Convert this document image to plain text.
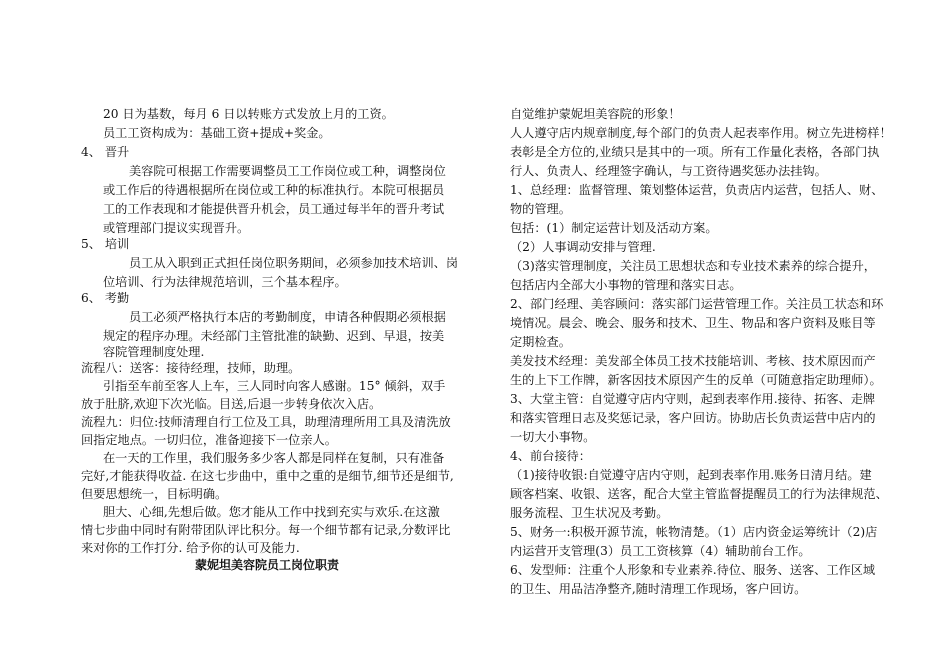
20 日为基数，每月 6 日以转账方式发放上月的工资。
员工工资构成为：基础工资+提成+奖金。
4、 晋升
美容院可根据工作需要调整员工工作岗位或工种，调整岗位
或工作后的待遇根据所在岗位或工种的标准执行。本院可根据员
工的工作表现和才能提供晋升机会，员工通过每半年的晋升考试
或管理部门提议实现晋升。
5、 培训
员工从入职到正式担任岗位职务期间，必须参加技术培训、岗
位培训、行为法律规范培训，三个基本程序。
6、 考勤
员工必须严格执行本店的考勤制度，申请各种假期必须根据
规定的程序办理。未经部门主管批准的缺勤、迟到、早退，按美
容院管理制度处理.
流程八：送客：接待经理，技师，助理。
引指至车前至客人上车，三人同时向客人感谢。15° 倾斜，双手
放于肚脐,欢迎下次光临。目送,后退一步转身依次入店。
流程九：归位:技师清理自行工位及工具，助理清理所用工具及清洗放
回指定地点。一切归位，准备迎接下一位亲人。
在一天的工作里，我们服务多少客人都是同样在复制，只有准备
完好,才能获得收益. 在这七步曲中，重中之重的是细节,细节还是细节,
但要思想统一，目标明确。
胆大、心细,先想后做。您才能从工作中找到充实与欢乐.在这激
情七步曲中同时有附带团队评比积分。每一个细节都有记录,分数评比
来对你的工作打分. 给予你的认可及能力.
蒙妮坦美容院员工岗位职责
自觉维护蒙妮坦美容院的形象！
人人遵守店内规章制度,每个部门的负责人起表率作用。树立先进榜样！
表彰是全方位的,业绩只是其中的一项。所有工作量化表格，各部门执
行人、负责人、经理签字确认，与工资待遇奖惩办法挂钩。
1、总经理：监督管理、策划整体运营，负责店内运营，包括人、财、
物的管理。
包括：(1）制定运营计划及活动方案。
（2）人事调动安排与管理.
（3)落实管理制度，关注员工思想状态和专业技术素养的综合提升，
包括店内全部大小事物的管理和落实日志。
2、部门经理、美容顾问：落实部门运营管理工作。关注员工状态和环
境情况。晨会、晚会、服务和技术、卫生、物品和客户资料及账目等
定期检查。
美发技术经理：美发部全体员工技术技能培训、考核、技术原因而产
生的上下工作牌，新客因技术原因产生的反单（可随意指定助理师）。
3、大堂主管：自觉遵守店内守则，起到表率作用.接待、拓客、走牌
和落实管理日志及奖惩记录，客户回访。协助店长负责运营中店内的
一切大小事物。
4、前台接待：
（1)接待收银:自觉遵守店内守则，起到表率作用.账务日清月结。建
顾客档案、收银、送客，配合大堂主管监督提醒员工的行为法律规范、
服务流程、卫生状况及考勤。
5、财务一:积极开源节流，帐物清楚。（1）店内资金运筹统计（2)店
内运营开支管理(3）员工工资核算（4）辅助前台工作。
6、发型师：注重个人形象和专业素养.待位、服务、送客、工作区域
的卫生、用品洁净整齐,随时清理工作现场，客户回访。
